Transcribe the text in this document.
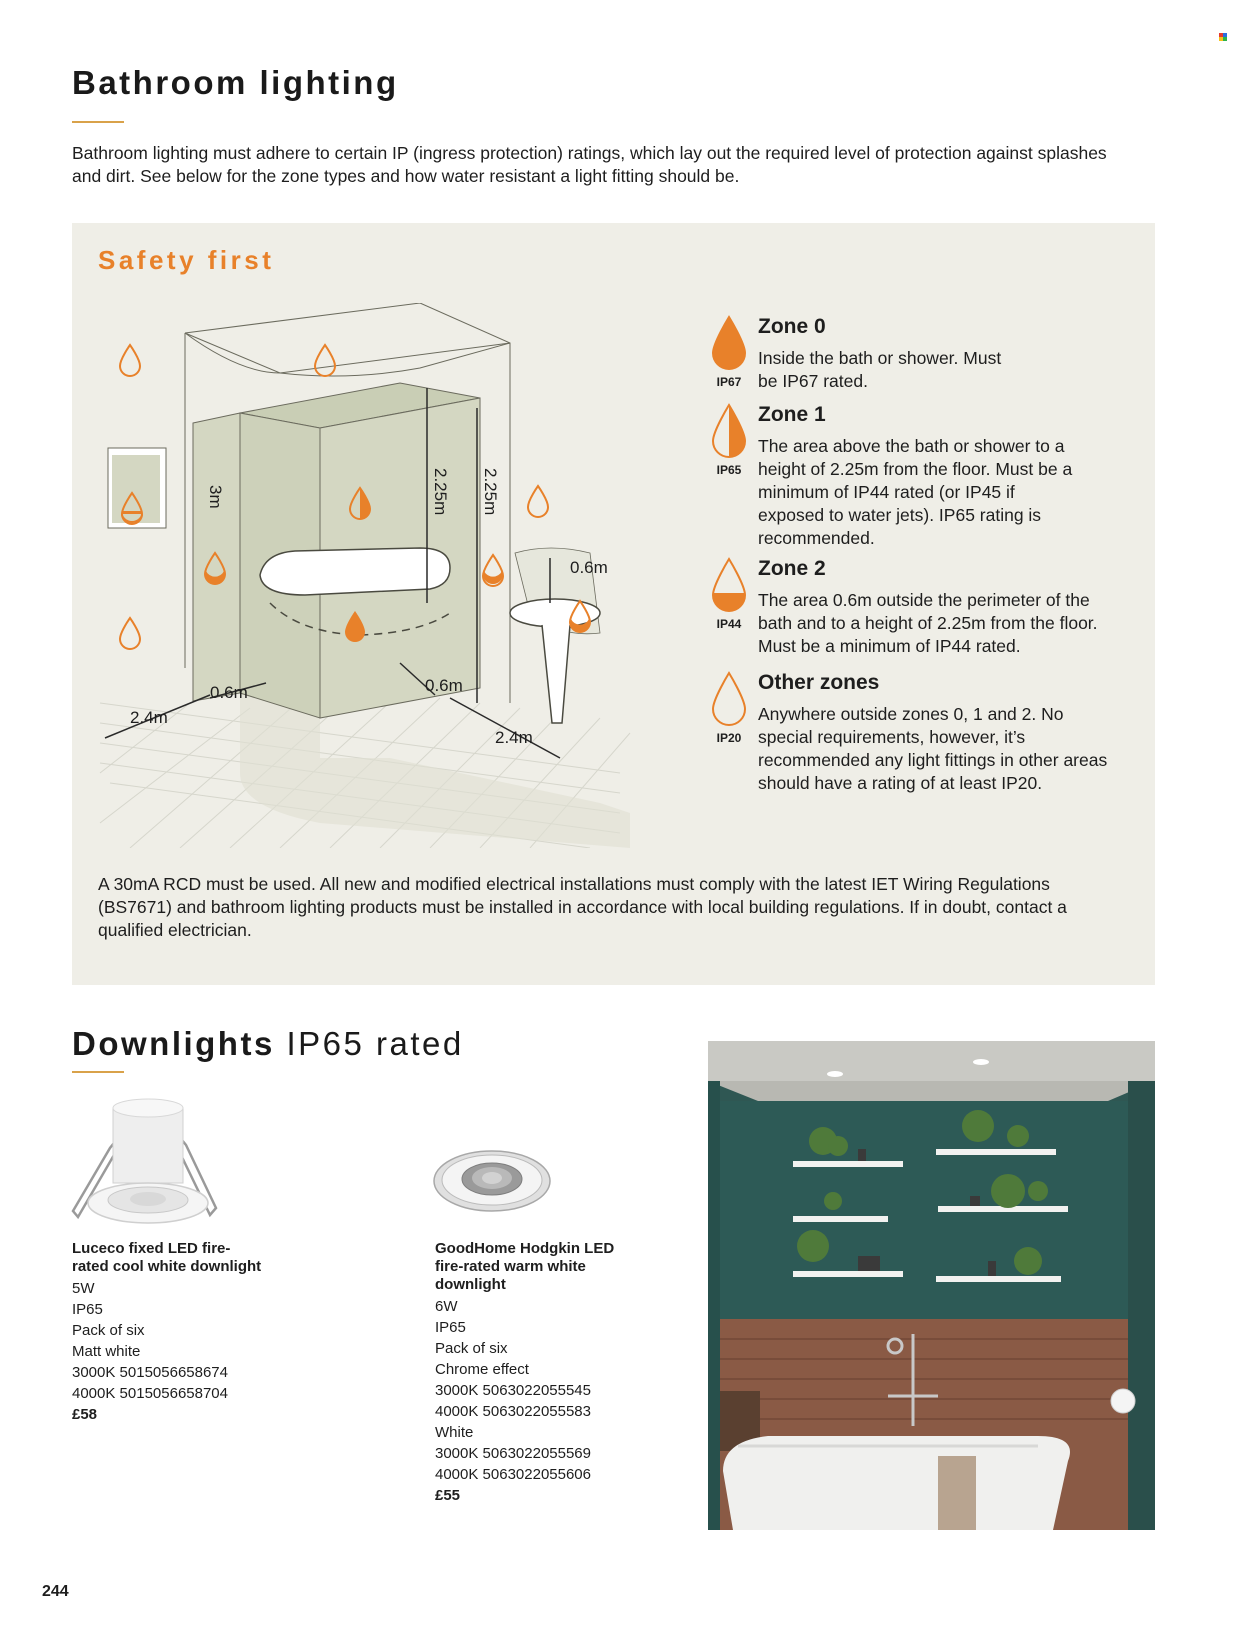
Bathroom lighting
Bathroom lighting must adhere to certain IP (ingress protection) ratings, which lay out the required level of protection against splashes and dirt. See below for the zone types and how water resistant a light fitting should be.
Safety first
3m	2.25m 2.25m
0.6m
2.4m
0.6m	0.6m
2.4m
IP67
Zone 0
Inside the bath or shower. Must be IP67 rated.
IP65
Zone 1
The area above the bath or shower to a height of 2.25m from the floor. Must be a minimum of IP44 rated (or IP45 if exposed to water jets). IP65 rating is recommended.
IP44
Zone 2
The area 0.6m outside the perimeter of the bath and to a height of 2.25m from the floor. Must be a minimum of IP44 rated.
IP20
Other zones
Anywhere outside zones 0, 1 and 2. No special requirements, however, it’s recommended any light fittings in other areas should have a rating of at least IP20.
A 30mA RCD must be used. All new and modified electrical installations must comply with the latest IET Wiring Regulations (BS7671) and bathroom lighting products must be installed in accordance with local building regulations. If in doubt, contact a qualified electrician.
Downlights IP65 rated
Luceco fixed LED fire-rated cool white downlight
5W
IP65
Pack of six
Matt white
3000K 5015056658674
4000K 5015056658704
£58
GoodHome Hodgkin LED fire-rated warm white downlight
6W
IP65
Pack of six
Chrome effect
3000K 5063022055545
4000K 5063022055583
White
3000K 5063022055569
4000K 5063022055606
£55
244
